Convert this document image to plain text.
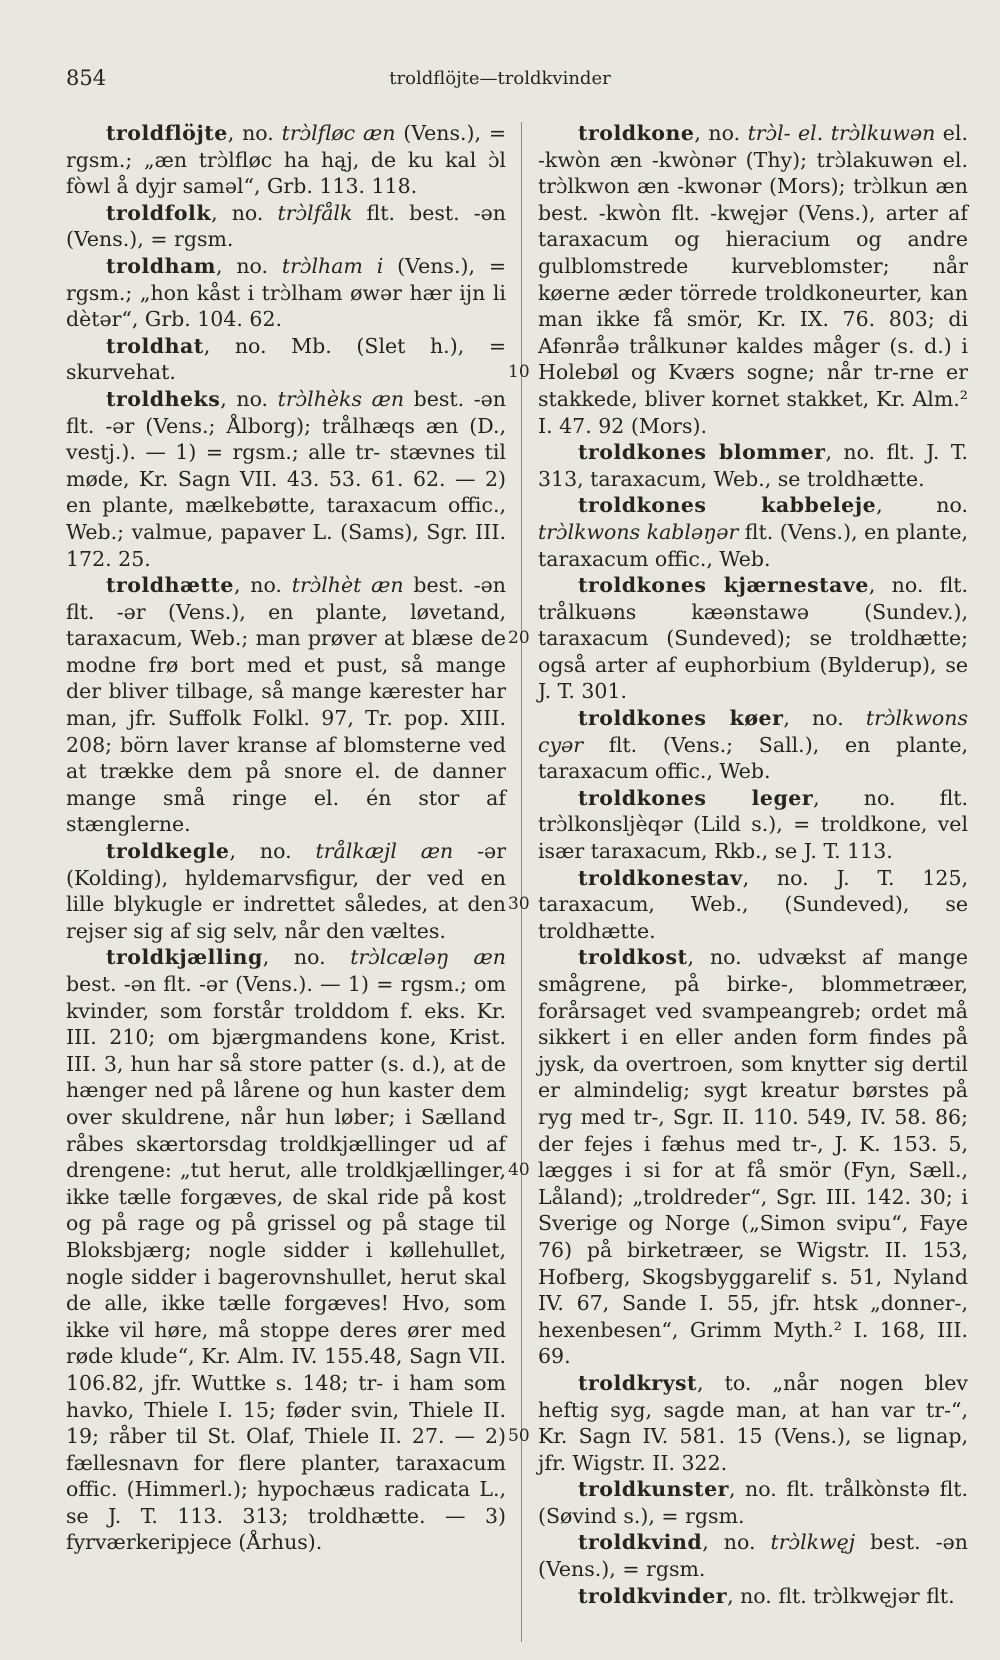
854	troldflöjte—troldkvinder

troldflöjte, no. trɔ̀lfløc æn (Vens.), = rgsm.; „æn trɔ̀lfløc ha hąj, de ku kal ɔ̀l fòwl å dyjr saməl“, Grb. 113. 118.

troldfolk, no. trɔ̀lfålk flt. best. -ən (Vens.), = rgsm.

troldham, no. trɔ̀lham i (Vens.), = rgsm.; „hon kåst i trɔ̀lham øwər hær ijn li dètər“, Grb. 104. 62.

troldhat, no. Mb. (Slet h.), = skurvehat.

troldheks, no. trɔ̀lhèks æn best. -ən flt. -ər (Vens.; Ålborg); trålhæqs æn (D., vestj.). — 1) = rgsm.; alle tr- stævnes til møde, Kr. Sagn VII. 43. 53. 61. 62. — 2) en plante, mælkebøtte, taraxacum offic., Web.; valmue, papaver L. (Sams), Sgr. III. 172. 25.

troldhætte, no. trɔ̀lhèt æn best. -ən flt. -ər (Vens.), en plante, løvetand, taraxacum, Web.; man prøver at blæse de modne frø bort med et pust, så mange der bliver tilbage, så mange kærester har man, jfr. Suffolk Folkl. 97, Tr. pop. XIII. 208; börn laver kranse af blomsterne ved at trække dem på snore el. de danner mange små ringe el. én stor af stænglerne.

troldkegle, no. trålkæjl æn -ər (Kolding), hyldemarvsfigur, der ved en lille blykugle er indrettet således, at den rejser sig af sig selv, når den væltes.

troldkjælling, no. trɔ̀lcæləŋ æn best. -ən flt. -ər (Vens.). — 1) = rgsm.; om kvinder, som forstår trolddom f. eks. Kr. III. 210; om bjærgmandens kone, Krist. III. 3, hun har så store patter (s. d.), at de hænger ned på lårene og hun kaster dem over skuldrene, når hun løber; i Sælland råbes skærtorsdag troldkjællinger ud af drengene: „tut herut, alle troldkjællinger, ikke tælle forgæves, de skal ride på kost og på rage og på grissel og på stage til Bloksbjærg; nogle sidder i køllehullet, nogle sidder i bagerovnshullet, herut skal de alle, ikke tælle forgæves! Hvo, som ikke vil høre, må stoppe deres ører med røde klude“, Kr. Alm. IV. 155.48, Sagn VII. 106.82, jfr. Wuttke s. 148; tr- i ham som havko, Thiele I. 15; føder svin, Thiele II. 19; råber til St. Olaf, Thiele II. 27. — 2) fællesnavn for flere planter, taraxacum offic. (Himmerl.); hypochæus radicata L., se J. T. 113. 313; troldhætte. — 3) fyrværkeripjece (Århus).

10
20
30
40
50

troldkone, no. trɔ̀l- el. trɔ̀lkuwən el. -kwòn æn -kwònər (Thy); trɔ̀lakuwən el. trɔ̀lkwon æn -kwonər (Mors); trɔ̀lkun æn best. -kwòn flt. -kwęjər (Vens.), arter af taraxacum og hieracium og andre gulblomstrede kurveblomster; når køerne æder törrede troldkoneurter, kan man ikke få smör, Kr. IX. 76. 803; di Afənråə trålkunər kaldes måger (s. d.) i Holebøl og Kværs sogne; når tr-rne er stakkede, bliver kornet stakket, Kr. Alm.² I. 47. 92 (Mors).

troldkones blommer, no. flt. J. T. 313, taraxacum, Web., se troldhætte.

troldkones kabbeleje, no. trɔ̀lkwons kabləŋər flt. (Vens.), en plante, taraxacum offic., Web.

troldkones kjærnestave, no. flt. trålkuəns kæənstawə (Sundev.), taraxacum (Sundeved); se troldhætte; også arter af euphorbium (Bylderup), se J. T. 301.

troldkones køer, no. trɔ̀lkwons cyər flt. (Vens.; Sall.), en plante, taraxacum offic., Web.

troldkones leger, no. flt. trɔ̀lkonsljèqər (Lild s.), = troldkone, vel især taraxacum, Rkb., se J. T. 113.

troldkonestav, no. J. T. 125, taraxacum, Web., (Sundeved), se troldhætte.

troldkost, no. udvækst af mange smågrene, på birke-, blommetræer, forårsaget ved svampeangreb; ordet må sikkert i en eller anden form findes på jysk, da overtroen, som knytter sig dertil er almindelig; sygt kreatur børstes på ryg med tr-, Sgr. II. 110. 549, IV. 58. 86; der fejes i fæhus med tr-, J. K. 153. 5, lægges i si for at få smör (Fyn, Sæll., Låland); „troldreder“, Sgr. III. 142. 30; i Sverige og Norge („Simon svipu“, Faye 76) på birketræer, se Wigstr. II. 153, Hofberg, Skogsbyggarelif s. 51, Nyland IV. 67, Sande I. 55, jfr. htsk „donner-, hexenbesen“, Grimm Myth.² I. 168, III. 69.

troldkryst, to. „når nogen blev heftig syg, sagde man, at han var tr-“, Kr. Sagn IV. 581. 15 (Vens.), se lignap, jfr. Wigstr. II. 322.

troldkunster, no. flt. trålkònstə flt. (Søvind s.), = rgsm.

troldkvind, no. trɔ̀lkwęj best. -ən (Vens.), = rgsm.

troldkvinder, no. flt. trɔ̀lkwęjər flt.
